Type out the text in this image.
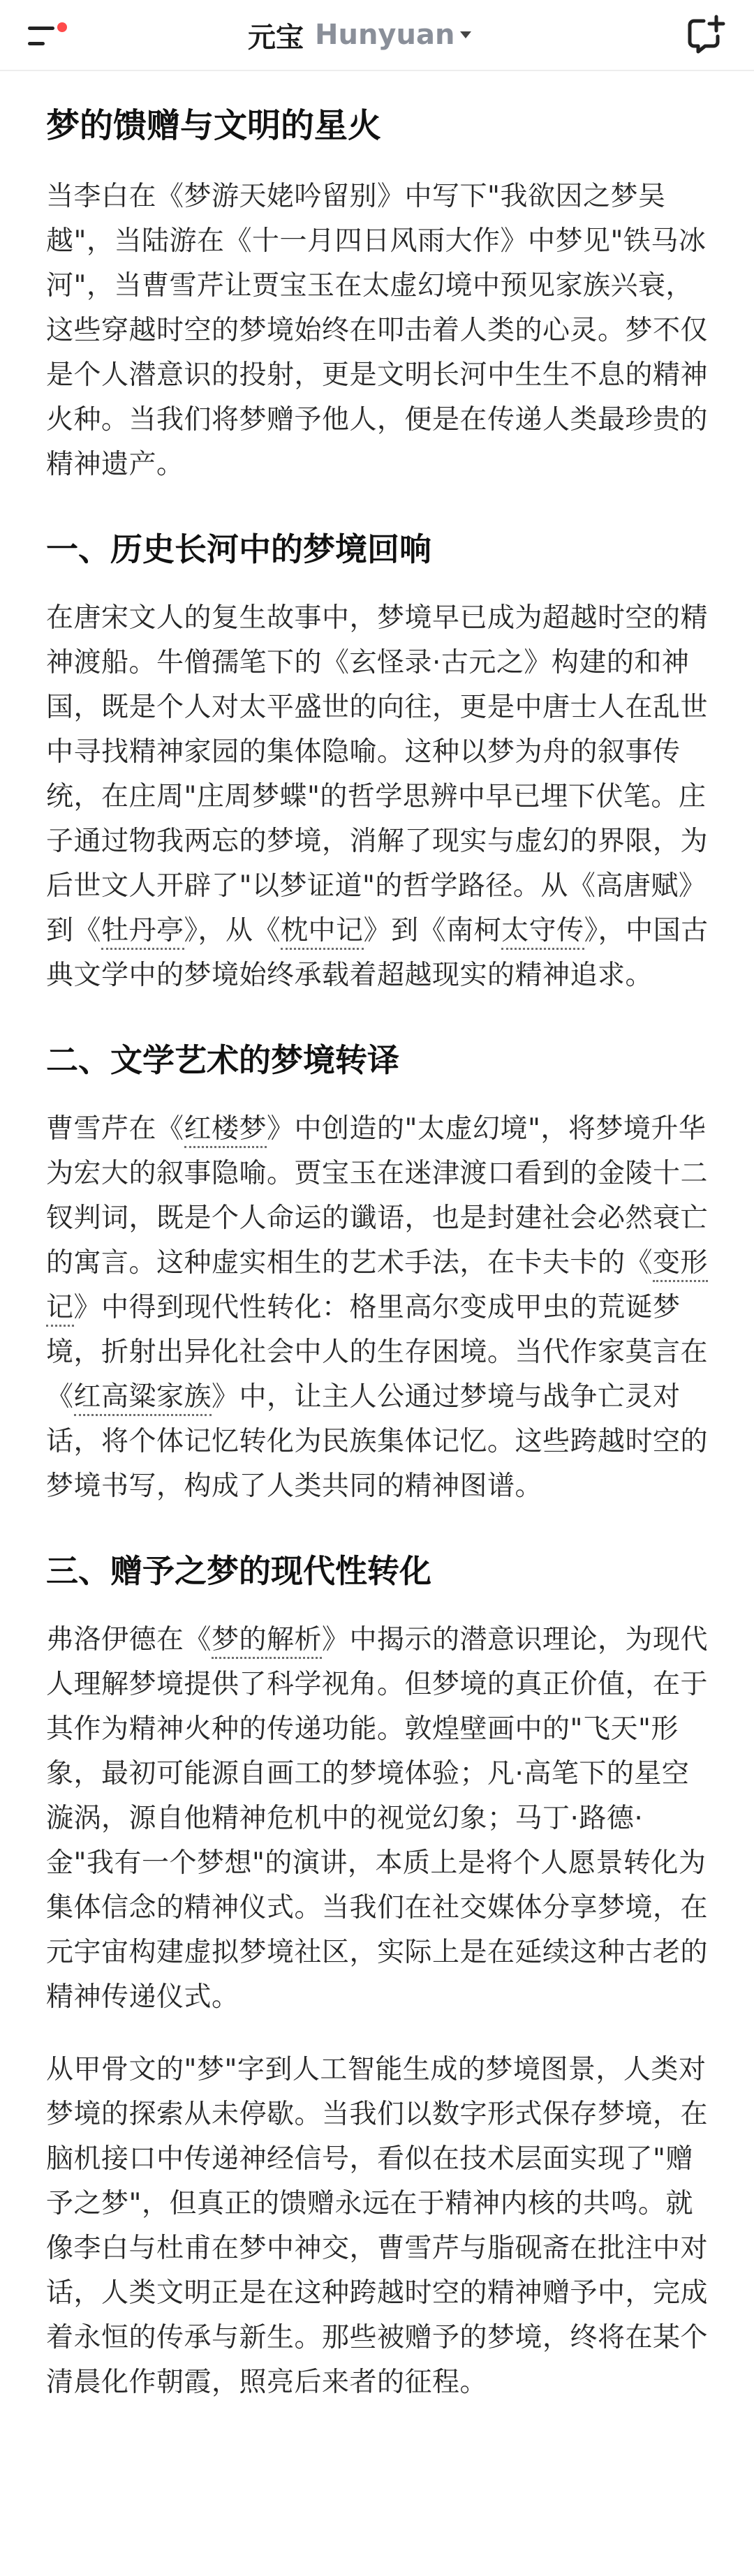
元宝 Hunyuan
梦的馈赠与文明的星火

当李白在《梦游天姥吟留别》中写下"我欲因之梦吴越"，当陆游在《十一月四日风雨大作》中梦见"铁马冰河"，当曹雪芹让贾宝玉在太虚幻境中预见家族兴衰，这些穿越时空的梦境始终在叩击着人类的心灵。梦不仅是个人潜意识的投射，更是文明长河中生生不息的精神火种。当我们将梦赠予他人，便是在传递人类最珍贵的精神遗产。

一、历史长河中的梦境回响

在唐宋文人的复生故事中，梦境早已成为超越时空的精神渡船。牛僧孺笔下的《玄怪录·古元之》构建的和神国，既是个人对太平盛世的向往，更是中唐士人在乱世中寻找精神家园的集体隐喻。这种以梦为舟的叙事传统，在庄周"庄周梦蝶"的哲学思辨中早已埋下伏笔。庄子通过物我两忘的梦境，消解了现实与虚幻的界限，为后世文人开辟了"以梦证道"的哲学路径。从《高唐赋》到《牡丹亭》，从《枕中记》到《南柯太守传》，中国古典文学中的梦境始终承载着超越现实的精神追求。

二、文学艺术的梦境转译

曹雪芹在《红楼梦》中创造的"太虚幻境"，将梦境升华为宏大的叙事隐喻。贾宝玉在迷津渡口看到的金陵十二钗判词，既是个人命运的谶语，也是封建社会必然衰亡的寓言。这种虚实相生的艺术手法，在卡夫卡的《变形记》中得到现代性转化：格里高尔变成甲虫的荒诞梦境，折射出异化社会中人的生存困境。当代作家莫言在《红高粱家族》中，让主人公通过梦境与战争亡灵对话，将个体记忆转化为民族集体记忆。这些跨越时空的梦境书写，构成了人类共同的精神图谱。

三、赠予之梦的现代性转化

弗洛伊德在《梦的解析》中揭示的潜意识理论，为现代人理解梦境提供了科学视角。但梦境的真正价值，在于其作为精神火种的传递功能。敦煌壁画中的"飞天"形象，最初可能源自画工的梦境体验；凡·高笔下的星空漩涡，源自他精神危机中的视觉幻象；马丁·路德·金"我有一个梦想"的演讲，本质上是将个人愿景转化为集体信念的精神仪式。当我们在社交媒体分享梦境，在元宇宙构建虚拟梦境社区，实际上是在延续这种古老的精神传递仪式。

从甲骨文的"梦"字到人工智能生成的梦境图景，人类对梦境的探索从未停歇。当我们以数字形式保存梦境，在脑机接口中传递神经信号，看似在技术层面实现了"赠予之梦"，但真正的馈赠永远在于精神内核的共鸣。就像李白与杜甫在梦中神交，曹雪芹与脂砚斋在批注中对话，人类文明正是在这种跨越时空的精神赠予中，完成着永恒的传承与新生。那些被赠予的梦境，终将在某个清晨化作朝霞，照亮后来者的征程。
